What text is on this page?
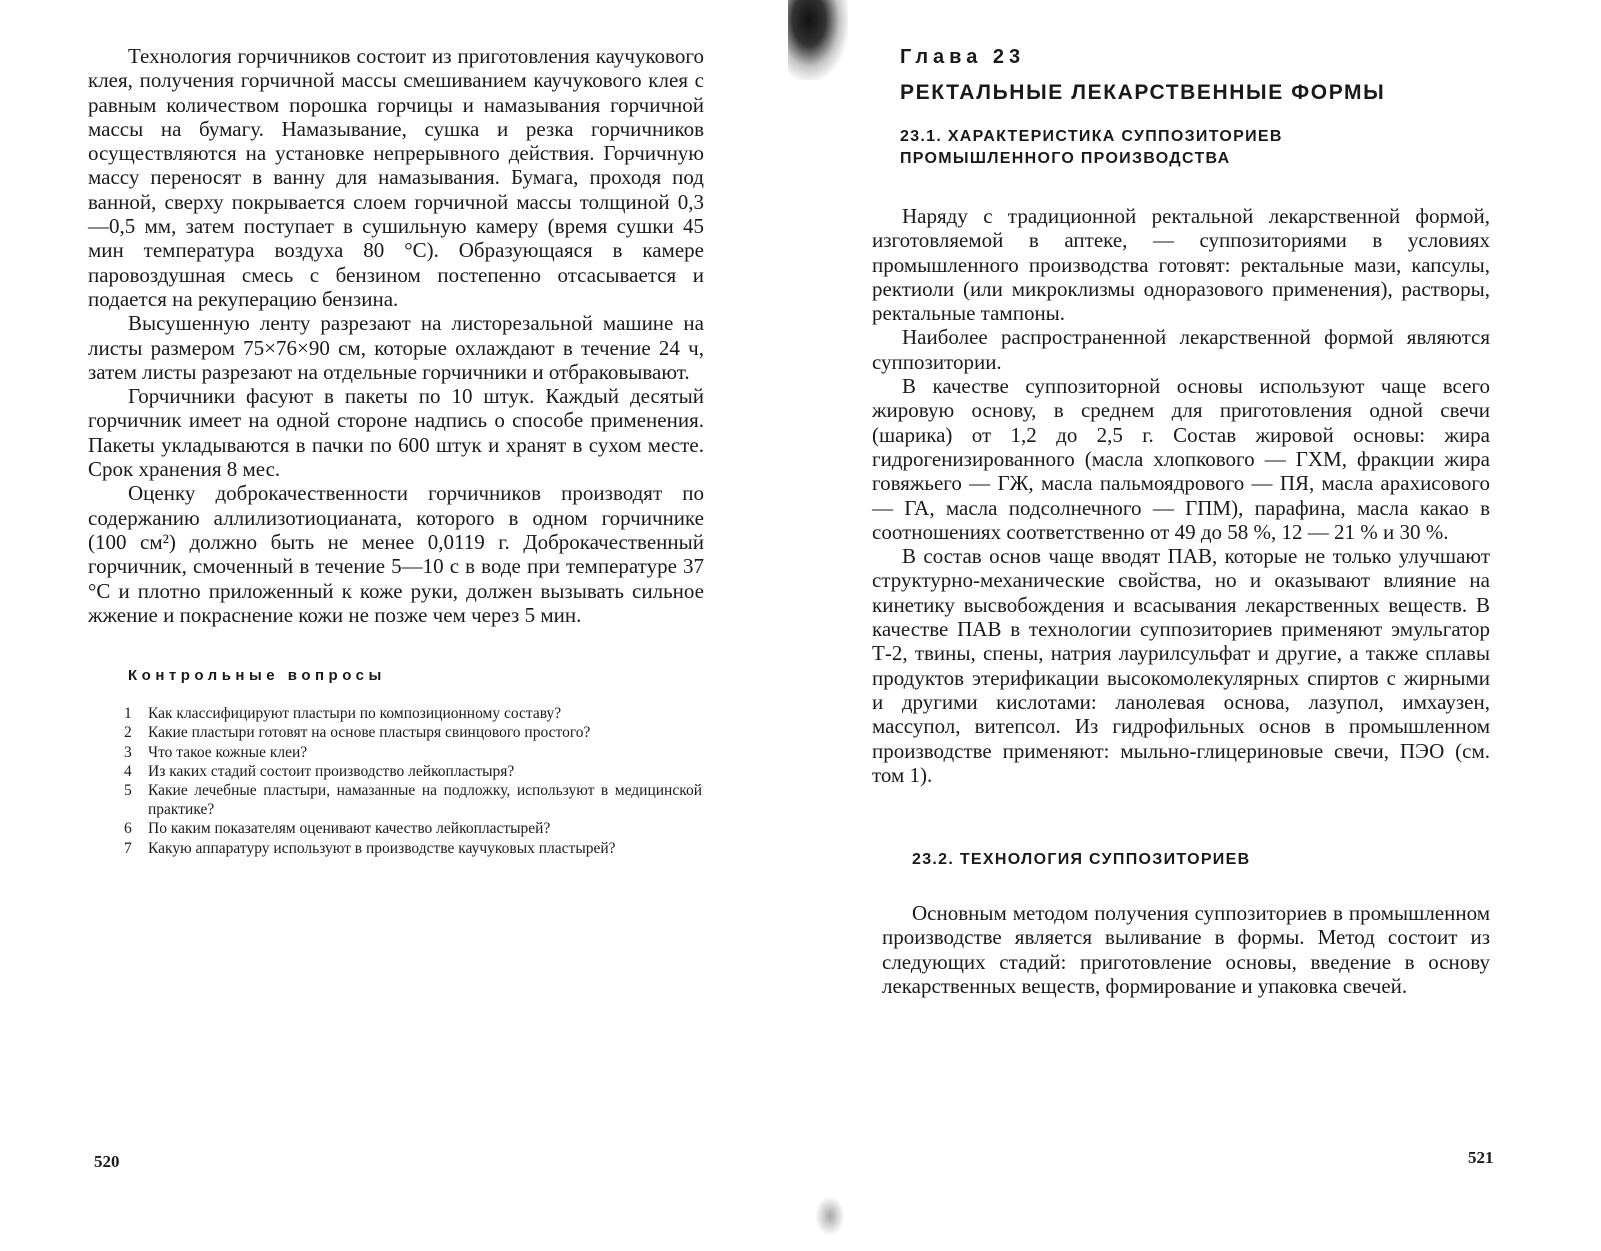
Технология горчичников состоит из приготовления каучукового клея, получения горчичной массы смешиванием каучукового клея с равным количеством порошка горчицы и намазывания горчичной массы на бумагу. Намазывание, сушка и резка горчичников осуществляются на установке непрерывного действия. Горчичную массу переносят в ванну для намазывания. Бумага, проходя под ванной, сверху покрывается слоем горчичной массы толщиной 0,3—0,5 мм, затем поступает в сушильную камеру (время сушки 45 мин температура воздуха 80 °С). Образующаяся в камере паровоздушная смесь с бензином постепенно отсасывается и подается на рекуперацию бензина.

Высушенную ленту разрезают на листорезальной машине на листы размером 75×76×90 см, которые охлаждают в течение 24 ч, затем листы разрезают на отдельные горчичники и отбраковывают.

Горчичники фасуют в пакеты по 10 штук. Каждый десятый горчичник имеет на одной стороне надпись о способе применения. Пакеты укладываются в пачки по 600 штук и хранят в сухом месте. Срок хранения 8 мес.

Оценку доброкачественности горчичников производят по содержанию аллилизотиоцианата, которого в одном горчичнике (100 см²) должно быть не менее 0,0119 г. Доброкачественный горчичник, смоченный в течение 5—10 с в воде при температуре 37 °С и плотно приложенный к коже руки, должен вызывать сильное жжение и покраснение кожи не позже чем через 5 мин.

Контрольные вопросы
1	Как классифицируют пластыри по композиционному составу?
2	Какие пластыри готовят на основе пластыря свинцового простого?
3	Что такое кожные клеи?
4	Из каких стадий состоит производство лейкопластыря?
5	Какие лечебные пластыри, намазанные на подложку, используют в медицинской практике?
6	По каким показателям оценивают качество лейкопластырей?
7	Какую аппаратуру используют в производстве каучуковых пластырей?
520
Глава 23
РЕКТАЛЬНЫЕ ЛЕКАРСТВЕННЫЕ ФОРМЫ
23.1. ХАРАКТЕРИСТИКА СУППОЗИТОРИЕВ
ПРОМЫШЛЕННОГО ПРОИЗВОДСТВА

Наряду с традиционной ректальной лекарственной формой, изготовляемой в аптеке, — суппозиториями в условиях промышленного производства готовят: ректальные мази, капсулы, ректиоли (или микроклизмы одноразового применения), растворы, ректальные тампоны.

Наиболее распространенной лекарственной формой являются суппозитории.

В качестве суппозиторной основы используют чаще всего жировую основу, в среднем для приготовления одной свечи (шарика) от 1,2 до 2,5 г. Состав жировой основы: жира гидрогенизированного (масла хлопкового — ГХМ, фракции жира говяжьего — ГЖ, масла пальмоядрового — ПЯ, масла арахисового — ГА, масла подсолнечного — ГПМ), парафина, масла какао в соотношениях соответственно от 49 до 58 %, 12 — 21 % и 30 %.

В состав основ чаще вводят ПАВ, которые не только улучшают структурно-механические свойства, но и оказывают влияние на кинетику высвобождения и всасывания лекарственных веществ. В качестве ПАВ в технологии суппозиториев применяют эмульгатор Т-2, твины, спены, натрия лаурилсульфат и другие, а также сплавы продуктов этерификации высокомолекулярных спиртов с жирными и другими кислотами: ланолевая основа, лазупол, имхаузен, массупол, витепсол. Из гидрофильных основ в промышленном производстве применяют: мыльно-глицериновые свечи, ПЭО (см. том 1).

23.2. ТЕХНОЛОГИЯ СУППОЗИТОРИЕВ

Основным методом получения суппозиториев в промышленном производстве является выливание в формы. Метод состоит из следующих стадий: приготовление основы, введение в основу лекарственных веществ, формирование и упаковка свечей.

521
